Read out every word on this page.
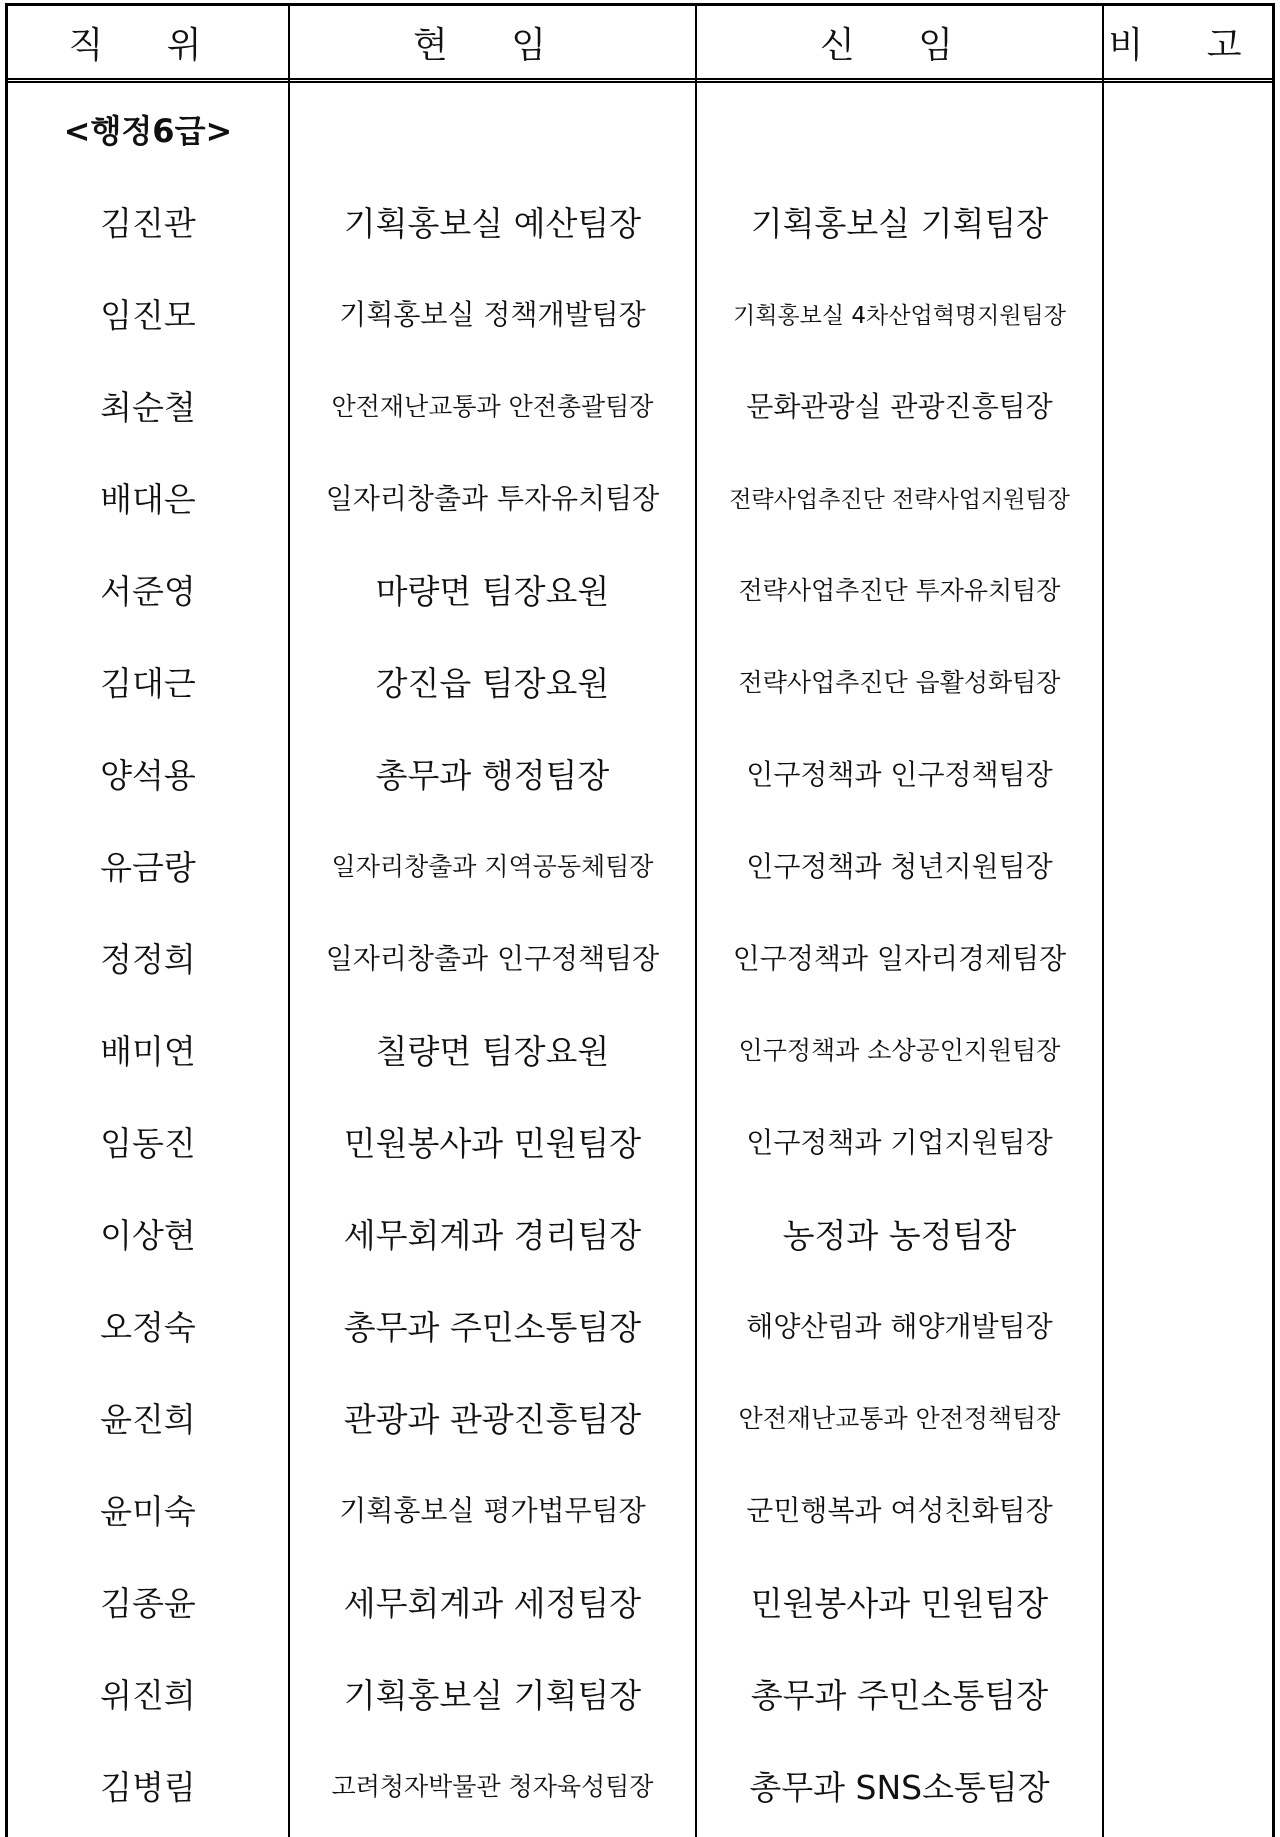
직 위	현 임	신 임	비 고
<행정6급>
김진관	기획홍보실 예산팀장	기획홍보실 기획팀장
임진모	기획홍보실 정책개발팀장	기획홍보실 4차산업혁명지원팀장
최순철	안전재난교통과 안전총괄팀장	문화관광실 관광진흥팀장
배대은	일자리창출과 투자유치팀장	전략사업추진단 전략사업지원팀장
서준영	마량면 팀장요원	전략사업추진단 투자유치팀장
김대근	강진읍 팀장요원	전략사업추진단 읍활성화팀장
양석용	총무과 행정팀장	인구정책과 인구정책팀장
유금랑	일자리창출과 지역공동체팀장	인구정책과 청년지원팀장
정정희	일자리창출과 인구정책팀장	인구정책과 일자리경제팀장
배미연	칠량면 팀장요원	인구정책과 소상공인지원팀장
임동진	민원봉사과 민원팀장	인구정책과 기업지원팀장
이상현	세무회계과 경리팀장	농정과 농정팀장
오정숙	총무과 주민소통팀장	해양산림과 해양개발팀장
윤진희	관광과 관광진흥팀장	안전재난교통과 안전정책팀장
윤미숙	기획홍보실 평가법무팀장	군민행복과 여성친화팀장
김종윤	세무회계과 세정팀장	민원봉사과 민원팀장
위진희	기획홍보실 기획팀장	총무과 주민소통팀장
김병림	고려청자박물관 청자육성팀장	총무과 SNS소통팀장
